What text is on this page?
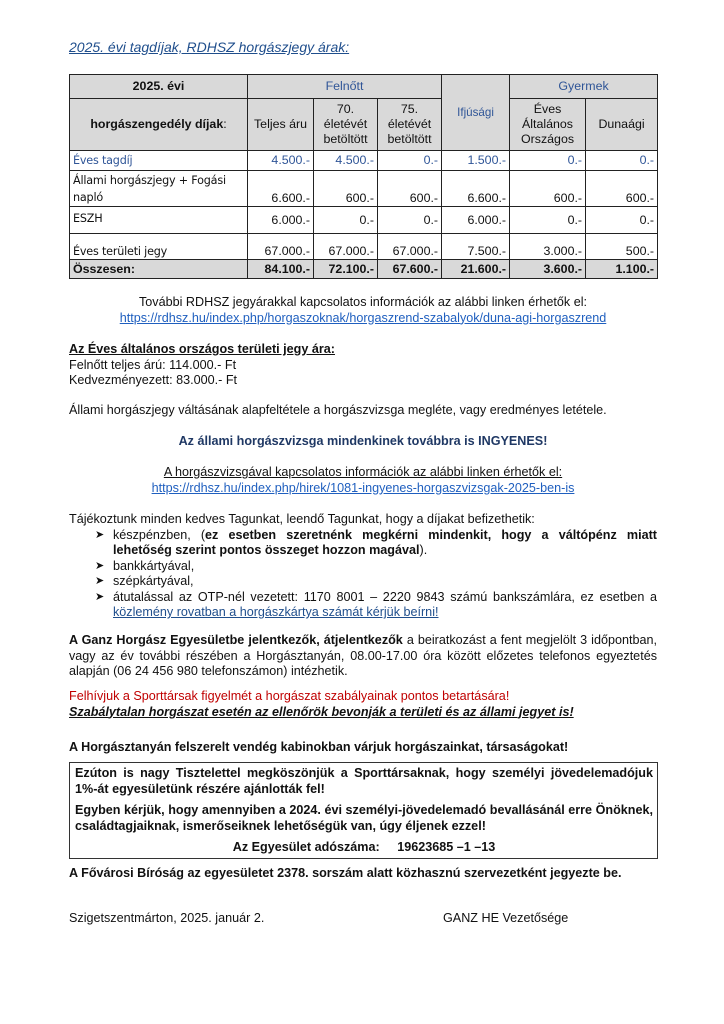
2025. évi tagdíjak, RDHSZ horgászjegy árak:
2025. évi	Felnőtt			Ifjúsági	Gyermek	
horgászengedély díjak:	Teljes áru	70. életévét betöltött	75. életévét betöltött		Éves Általános Országos	Dunaági
Éves tagdíj	4.500.-	4.500.-	0.-	1.500.-	0.-	0.-
Állami horgászjegy + Fogási napló	6.600.-	600.-	600.-	6.600.-	600.-	600.-
ESZH	6.000.-	0.-	0.-	6.000.-	0.-	0.-
Éves területi jegy	67.000.-	67.000.-	67.000.-	7.500.-	3.000.-	500.-
Összesen:	84.100.-	72.100.-	67.600.-	21.600.-	3.600.-	1.100.-
További RDHSZ jegyárakkal kapcsolatos információk az alábbi linken érhetők el:
https://rdhsz.hu/index.php/horgaszoknak/horgaszrend-szabalyok/duna-agi-horgaszrend
Az Éves általános országos területi jegy ára:
Felnőtt teljes árú: 114.000.- Ft
Kedvezményezett: 83.000.- Ft
Állami horgászjegy váltásának alapfeltétele a horgászvizsga megléte, vagy eredményes letétele.
Az állami horgászvizsga mindenkinek továbbra is INGYENES!
A horgászvizsgával kapcsolatos információk az alábbi linken érhetők el:
https://rdhsz.hu/index.php/hirek/1081-ingyenes-horgaszvizsgak-2025-ben-is
Tájékoztunk minden kedves Tagunkat, leendő Tagunkat, hogy a díjakat befizethetik:
➤ készpénzben, (ez esetben szeretnénk megkérni mindenkit, hogy a váltópénz miatt lehetőség szerint pontos összeget hozzon magával).
➤ bankkártyával,
➤ szépkártyával,
➤ átutalással az OTP-nél vezetett: 1170 8001 – 2220 9843 számú bankszámlára, ez esetben a közlemény rovatban a horgászkártya számát kérjük beírni!
A Ganz Horgász Egyesületbe jelentkezők, átjelentkezők a beiratkozást a fent megjelölt 3 időpontban, vagy az év további részében a Horgásztanyán, 08.00-17.00 óra között előzetes telefonos egyeztetés alapján (06 24 456 980 telefonszámon) intézhetik.
Felhívjuk a Sporttársak figyelmét a horgászat szabályainak pontos betartására!
Szabálytalan horgászat esetén az ellenőrök bevonják a területi és az állami jegyet is!
A Horgásztanyán felszerelt vendég kabinokban várjuk horgászainkat, társaságokat!

Ezúton is nagy Tisztelettel megköszönjük a Sporttársaknak, hogy személyi jövedelemadójuk 1%-át egyesületünk részére ajánlották fel!

Egyben kérjük, hogy amennyiben a 2024. évi személyi-jövedelemadó bevallásánál erre Önöknek, családtagjaiknak, ismerőseiknek lehetőségük van, úgy éljenek ezzel!

Az Egyesület adószáma: 19623685 –1 –13

A Fővárosi Bíróság az egyesületet 2378. sorszám alatt közhasznú szervezetként jegyezte be.
Szigetszentmárton, 2025. január 2.	GANZ HE Vezetősége
